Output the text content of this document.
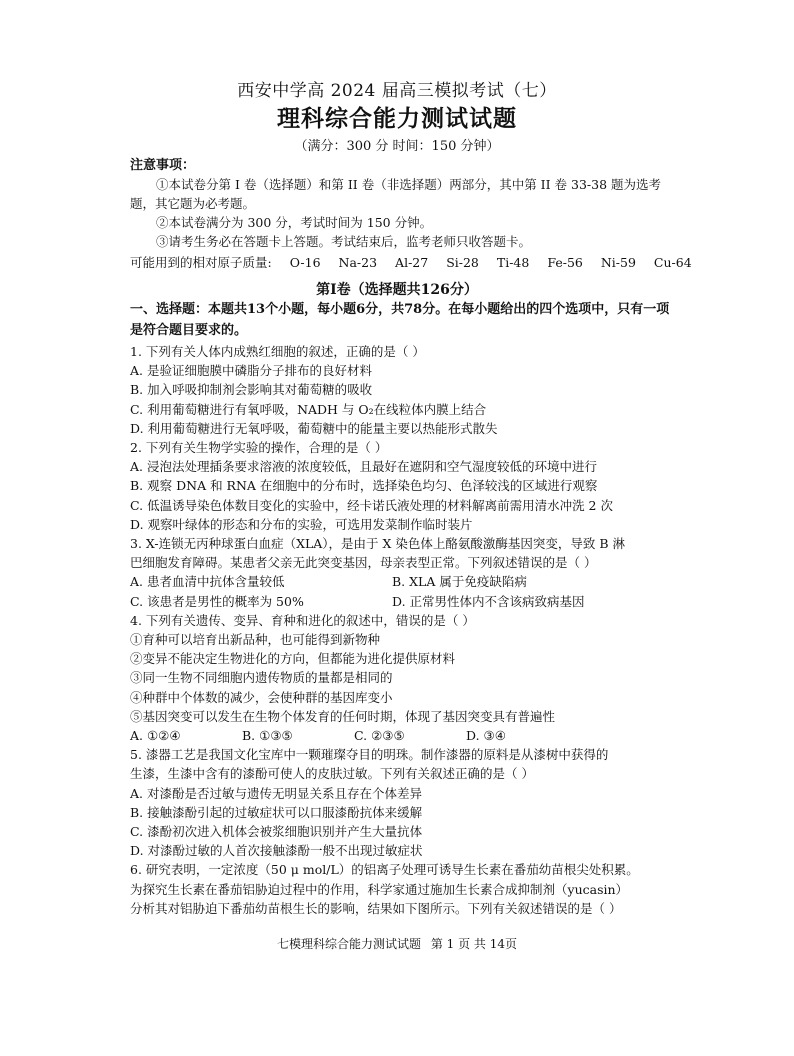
西安中学高 2024 届高三模拟考试（七）
理科综合能力测试试题
（满分：300 分 时间：150 分钟）
注意事项：
①本试卷分第 I 卷（选择题）和第 II 卷（非选择题）两部分，其中第 II 卷 33-38 题为选考题，其它题为必考题。
②本试卷满分为 300 分，考试时间为 150 分钟。
③请考生务必在答题卡上答题。考试结束后，监考老师只收答题卡。
可能用到的相对原子质量: O-16 Na-23 Al-27 Si-28 Ti-48 Fe-56 Ni-59 Cu-64
第Ⅰ卷（选择题共126分）
一、选择题：本题共13个小题，每小题6分，共78分。在每小题给出的四个选项中，只有一项是符合题目要求的。
1. 下列有关人体内成熟红细胞的叙述，正确的是（ ）
A. 是验证细胞膜中磷脂分子排布的良好材料
B. 加入呼吸抑制剂会影响其对葡萄糖的吸收
C. 利用葡萄糖进行有氧呼吸，NADH 与 O₂在线粒体内膜上结合
D. 利用葡萄糖进行无氧呼吸，葡萄糖中的能量主要以热能形式散失
2. 下列有关生物学实验的操作，合理的是（ ）
A. 浸泡法处理插条要求溶液的浓度较低，且最好在遮阴和空气湿度较低的环境中进行
B. 观察 DNA 和 RNA 在细胞中的分布时，选择染色均匀、色泽较浅的区域进行观察
C. 低温诱导染色体数目变化的实验中，经卡诺氏液处理的材料解离前需用清水冲洗 2 次
D. 观察叶绿体的形态和分布的实验，可选用发菜制作临时装片
3. X-连锁无丙种球蛋白血症（XLA），是由于 X 染色体上酪氨酸激酶基因突变，导致 B 淋
巴细胞发育障碍。某患者父亲无此突变基因，母亲表型正常。下列叙述错误的是（ ）
A. 患者血清中抗体含量较低	B. XLA 属于免疫缺陷病
C. 该患者是男性的概率为 50%	D. 正常男性体内不含该病致病基因
4. 下列有关遗传、变异、育种和进化的叙述中，错误的是（ ）
①育种可以培育出新品种，也可能得到新物种
②变异不能决定生物进化的方向，但都能为进化提供原材料
③同一生物不同细胞内遗传物质的量都是相同的
④种群中个体数的减少，会使种群的基因库变小
⑤基因突变可以发生在生物个体发育的任何时期，体现了基因突变具有普遍性
A. ①②④	B. ①③⑤	C. ②③⑤	D. ③④
5. 漆器工艺是我国文化宝库中一颗璀璨夺目的明珠。制作漆器的原料是从漆树中获得的
生漆，生漆中含有的漆酚可使人的皮肤过敏。下列有关叙述正确的是（ ）
A. 对漆酚是否过敏与遗传无明显关系且存在个体差异
B. 接触漆酚引起的过敏症状可以口服漆酚抗体来缓解
C. 漆酚初次进入机体会被浆细胞识别并产生大量抗体
D. 对漆酚过敏的人首次接触漆酚一般不出现过敏症状
6. 研究表明，一定浓度（50 μ mol/L）的铝离子处理可诱导生长素在番茄幼苗根尖处积累。
为探究生长素在番茄铝胁迫过程中的作用，科学家通过施加生长素合成抑制剂（yucasin）
分析其对铝胁迫下番茄幼苗根生长的影响，结果如下图所示。下列有关叙述错误的是（ ）
七模理科综合能力测试试题 第 1 页 共 14页
